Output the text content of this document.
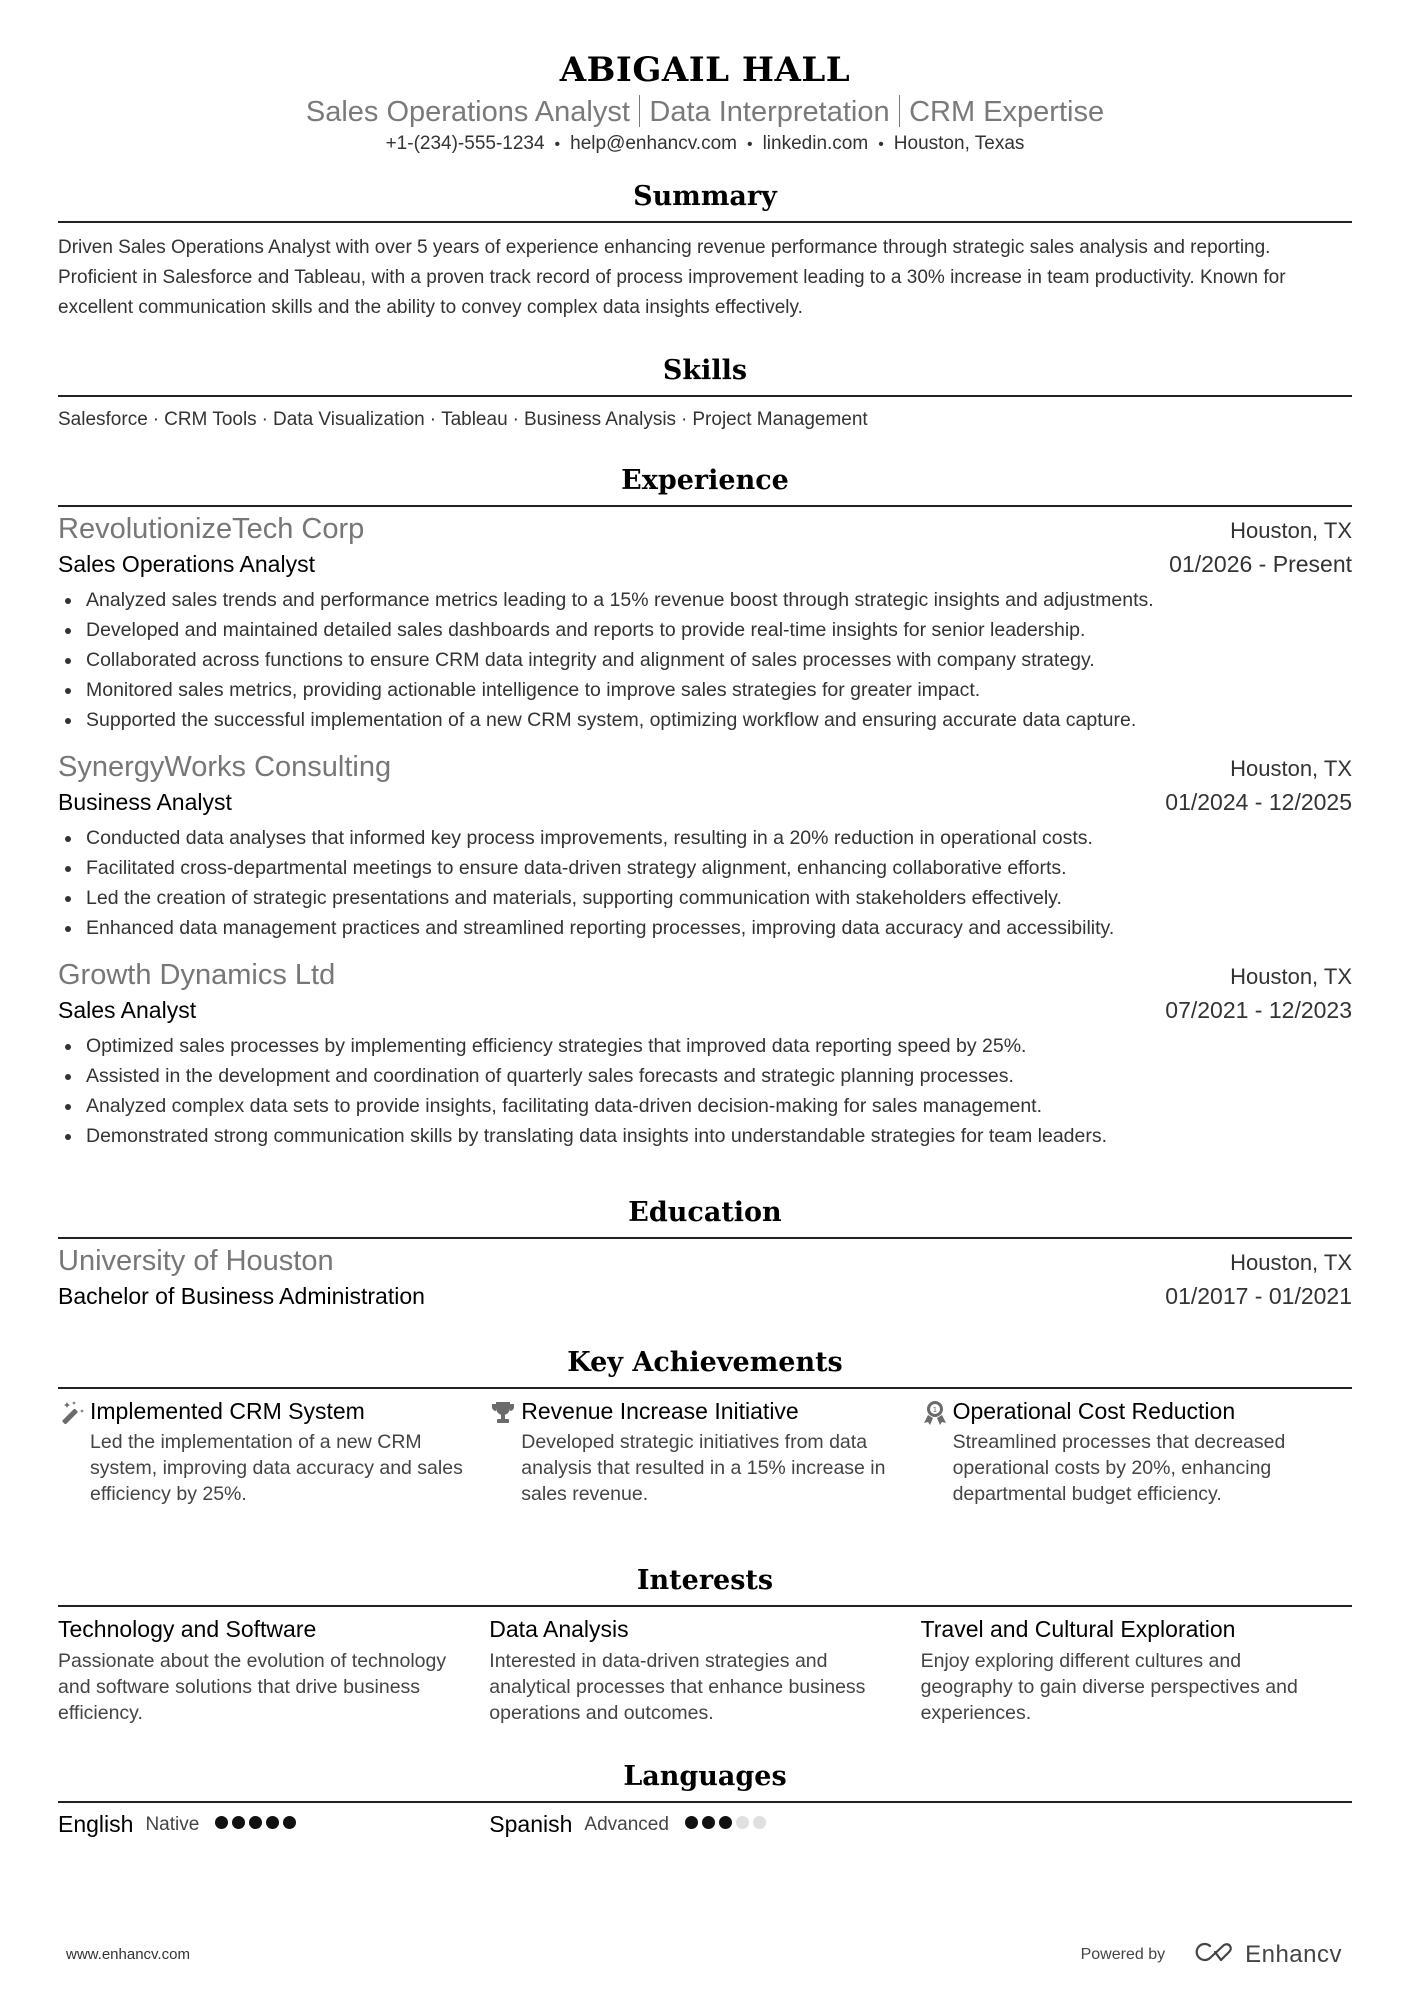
ABIGAIL HALL
Sales Operations Analyst Data Interpretation CRM Expertise
+1-(234)-555-1234 • help@enhancv.com • linkedin.com • Houston, Texas
Summary

Driven Sales Operations Analyst with over 5 years of experience enhancing revenue performance through strategic sales analysis and reporting. Proficient in Salesforce and Tableau, with a proven track record of process improvement leading to a 30% increase in team productivity. Known for excellent communication skills and the ability to convey complex data insights effectively.

Skills
Salesforce · CRM Tools · Data Visualization · Tableau · Business Analysis · Project Management
Experience
RevolutionizeTech Corp	Houston, TX
Sales Operations Analyst	01/2026 - Present
Analyzed sales trends and performance metrics leading to a 15% revenue boost through strategic insights and adjustments.
Developed and maintained detailed sales dashboards and reports to provide real-time insights for senior leadership.
Collaborated across functions to ensure CRM data integrity and alignment of sales processes with company strategy.
Monitored sales metrics, providing actionable intelligence to improve sales strategies for greater impact.
Supported the successful implementation of a new CRM system, optimizing workflow and ensuring accurate data capture.
SynergyWorks Consulting	Houston, TX
Business Analyst	01/2024 - 12/2025
Conducted data analyses that informed key process improvements, resulting in a 20% reduction in operational costs.
Facilitated cross-departmental meetings to ensure data-driven strategy alignment, enhancing collaborative efforts.
Led the creation of strategic presentations and materials, supporting communication with stakeholders effectively.
Enhanced data management practices and streamlined reporting processes, improving data accuracy and accessibility.
Growth Dynamics Ltd	Houston, TX
Sales Analyst	07/2021 - 12/2023
Optimized sales processes by implementing efficiency strategies that improved data reporting speed by 25%.
Assisted in the development and coordination of quarterly sales forecasts and strategic planning processes.
Analyzed complex data sets to provide insights, facilitating data-driven decision-making for sales management.
Demonstrated strong communication skills by translating data insights into understandable strategies for team leaders.
Education
University of Houston	Houston, TX
Bachelor of Business Administration	01/2017 - 01/2021
Key Achievements
Implemented CRM System
Led the implementation of a new CRM system, improving data accuracy and sales efficiency by 25%.
Revenue Increase Initiative
Developed strategic initiatives from data analysis that resulted in a 15% increase in sales revenue.
1 Operational Cost Reduction
Streamlined processes that decreased operational costs by 20%, enhancing departmental budget efficiency.
Interests
Technology and Software
Passionate about the evolution of technology and software solutions that drive business efficiency.
Data Analysis
Interested in data-driven strategies and analytical processes that enhance business operations and outcomes.
Travel and Cultural Exploration
Enjoy exploring different cultures and geography to gain diverse perspectives and experiences.
Languages
English Native	Spanish Advanced
www.enhancv.com	Powered by	Enhancv
